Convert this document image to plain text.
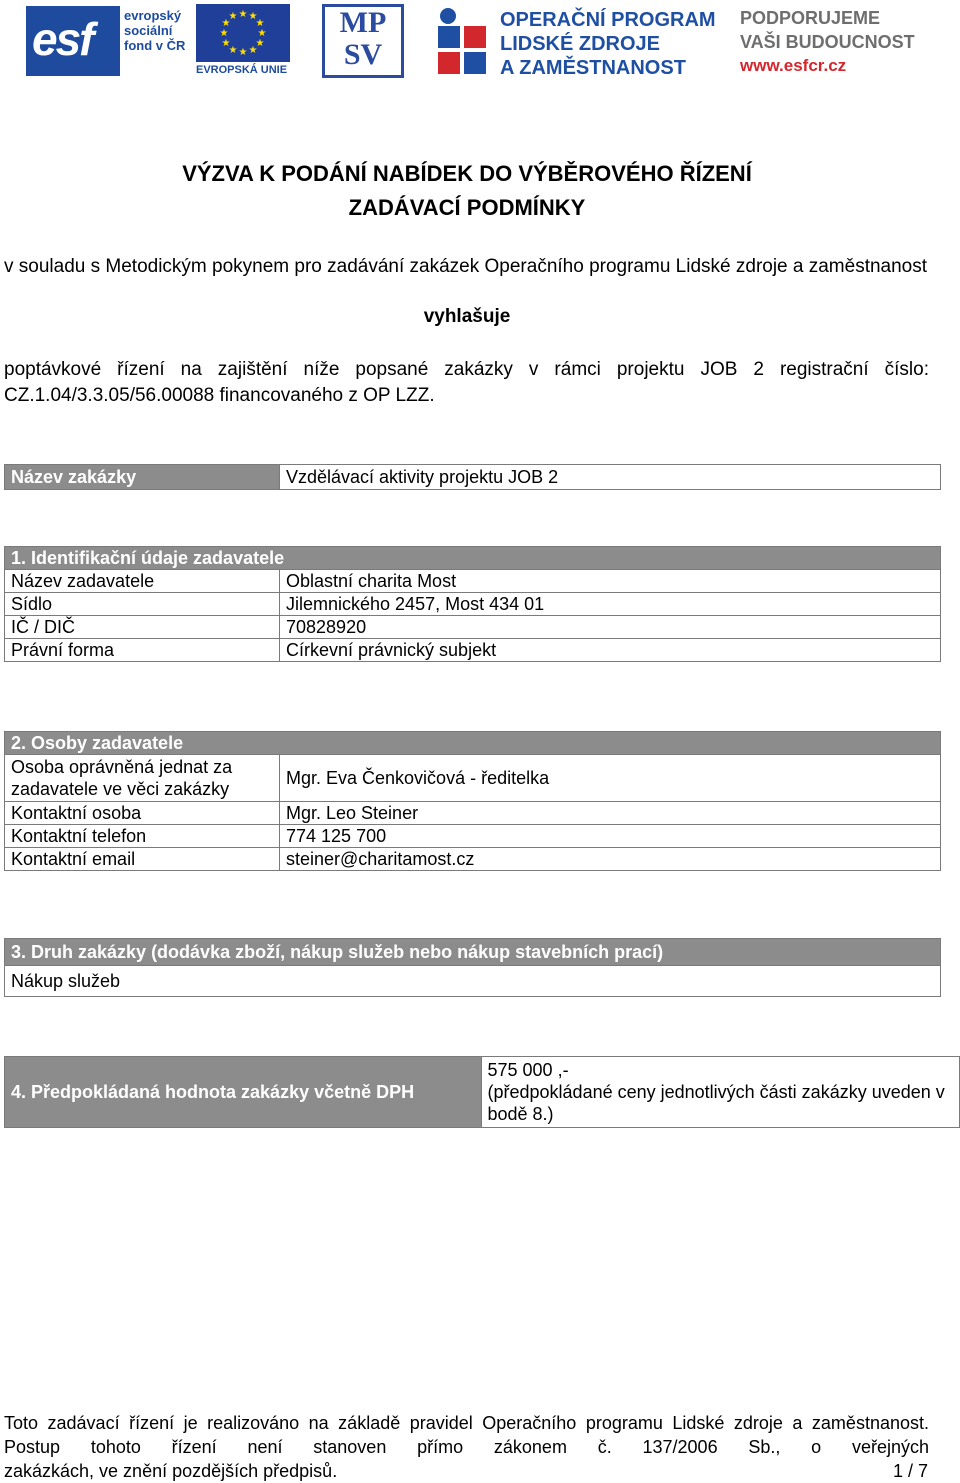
esf evropský
sociální
fond v ČR
★ ★
★
★
★
★
★
★
★
★
★
★
EVROPSKÁ UNIE
MP
SV
OPERAČNÍ PROGRAM
LIDSKÉ ZDROJE
A ZAMĚSTNANOST
PODPORUJEME
VAŠI BUDOUCNOST
www.esfcr.cz
VÝZVA K PODÁNÍ NABÍDEK DO VÝBĚROVÉHO ŘÍZENÍ
ZADÁVACÍ PODMÍNKY
v souladu s Metodickým pokynem pro zadávání zakázek Operačního programu Lidské zdroje a zaměstnanost
vyhlašuje
poptávkové řízení na zajištění níže popsané zakázky v rámci projektu JOB 2 registrační číslo: CZ.1.04/3.3.05/56.00088 financovaného z OP LZZ.
Název zakázky	Vzdělávací aktivity projektu JOB 2
1. Identifikační údaje zadavatele	
Název zadavatele	Oblastní charita Most
Sídlo	Jilemnického 2457, Most 434 01
IČ / DIČ	70828920
Právní forma	Církevní právnický subjekt
2. Osoby zadavatele	
Osoba oprávněná jednat za zadavatele ve věci zakázky	Mgr. Eva Čenkovičová - ředitelka
Kontaktní osoba	Mgr. Leo Steiner
Kontaktní telefon	774 125 700
Kontaktní email	steiner@charitamost.cz
3. Druh zakázky (dodávka zboží, nákup služeb nebo nákup stavebních prací)
Nákup služeb
4. Předpokládaná hodnota zakázky včetně DPH	
575 000 ,-
(předpokládané ceny jednotlivých části zakázky uveden v bodě 8.)
Toto zadávací řízení je realizováno na základě pravidel Operačního programu Lidské zdroje a zaměstnanost. Postup tohoto řízení není stanoven přímo zákonem č. 137/2006 Sb., o veřejných
zakázkách, ve znění pozdějších předpisů.	1 / 7
